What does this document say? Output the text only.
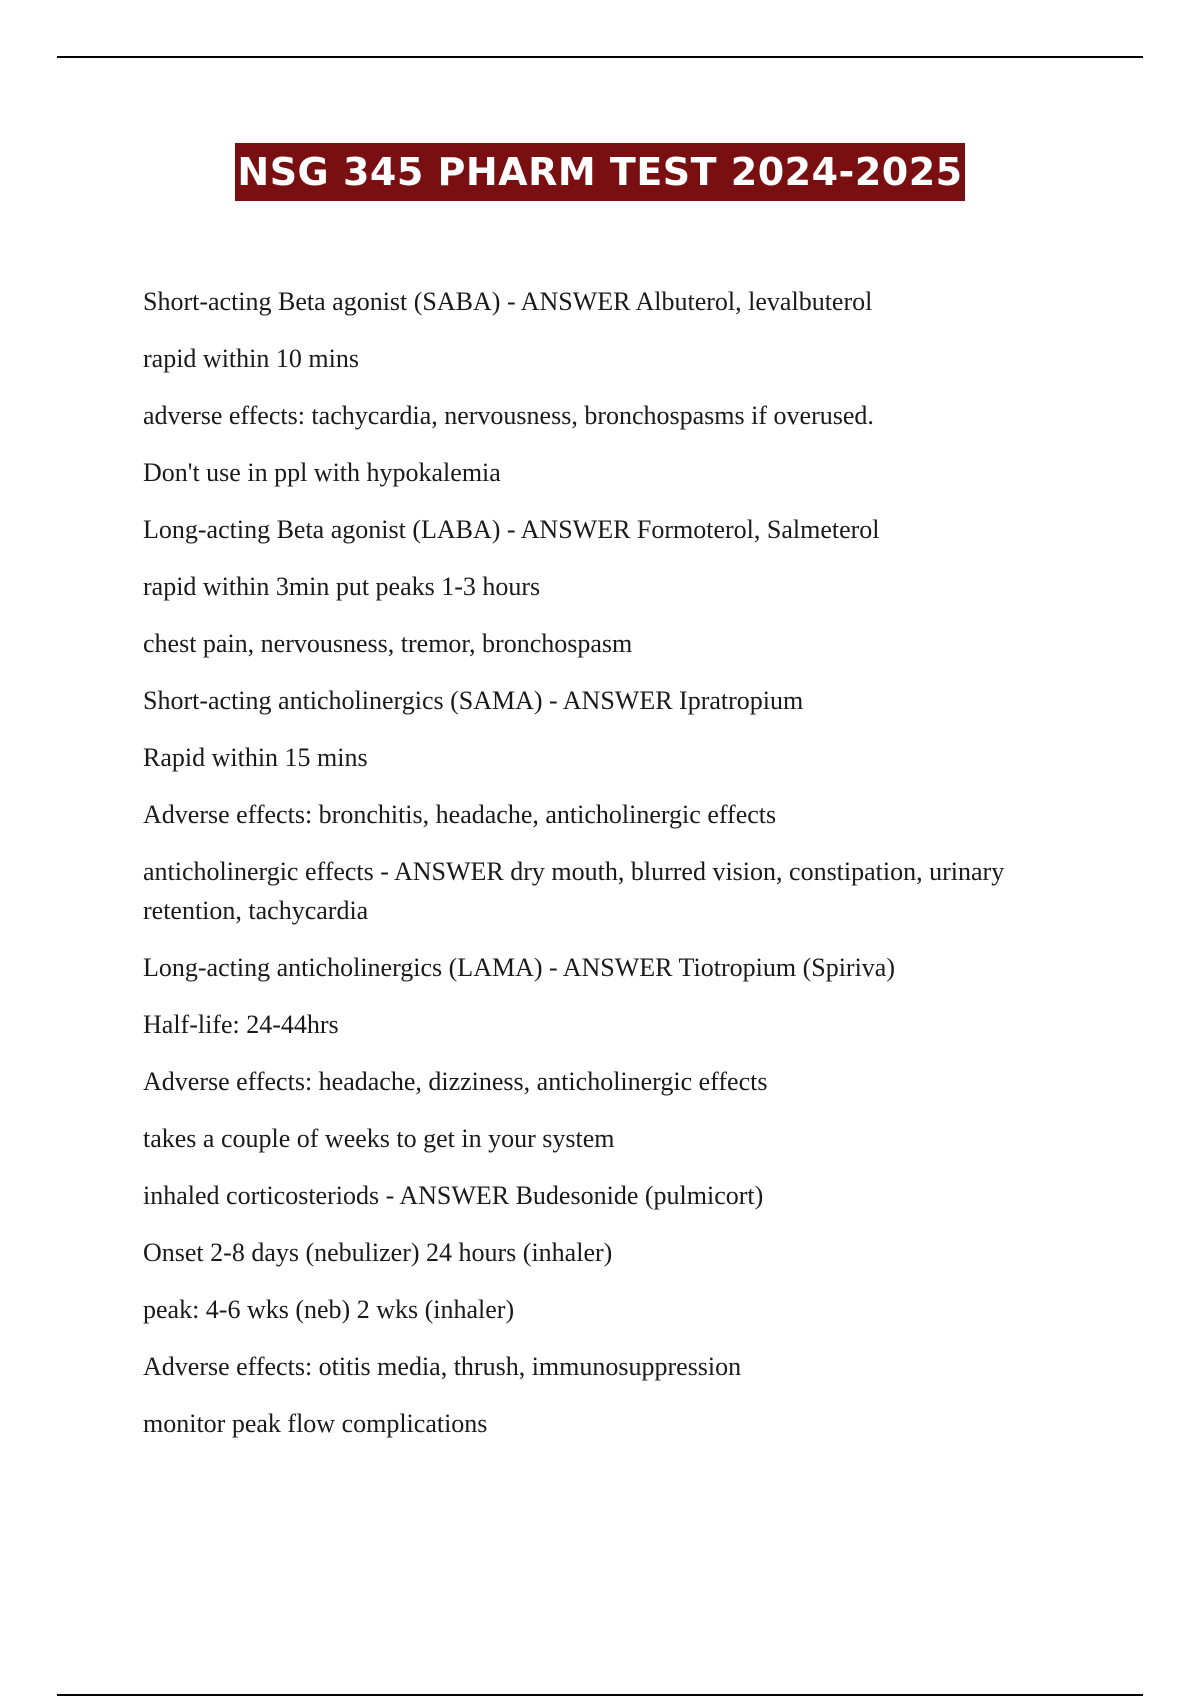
NSG 345 PHARM TEST 2024-2025

Short-acting Beta agonist (SABA) - ANSWER Albuterol, levalbuterol

rapid within 10 mins

adverse effects: tachycardia, nervousness, bronchospasms if overused.

Don't use in ppl with hypokalemia

Long-acting Beta agonist (LABA) - ANSWER Formoterol, Salmeterol

rapid within 3min put peaks 1-3 hours

chest pain, nervousness, tremor, bronchospasm

Short-acting anticholinergics (SAMA) - ANSWER Ipratropium

Rapid within 15 mins

Adverse effects: bronchitis, headache, anticholinergic effects

anticholinergic effects - ANSWER dry mouth, blurred vision, constipation, urinary retention, tachycardia

Long-acting anticholinergics (LAMA) - ANSWER Tiotropium (Spiriva)

Half-life: 24-44hrs

Adverse effects: headache, dizziness, anticholinergic effects

takes a couple of weeks to get in your system

inhaled corticosteriods - ANSWER Budesonide (pulmicort)

Onset 2-8 days (nebulizer) 24 hours (inhaler)

peak: 4-6 wks (neb) 2 wks (inhaler)

Adverse effects: otitis media, thrush, immunosuppression

monitor peak flow complications
